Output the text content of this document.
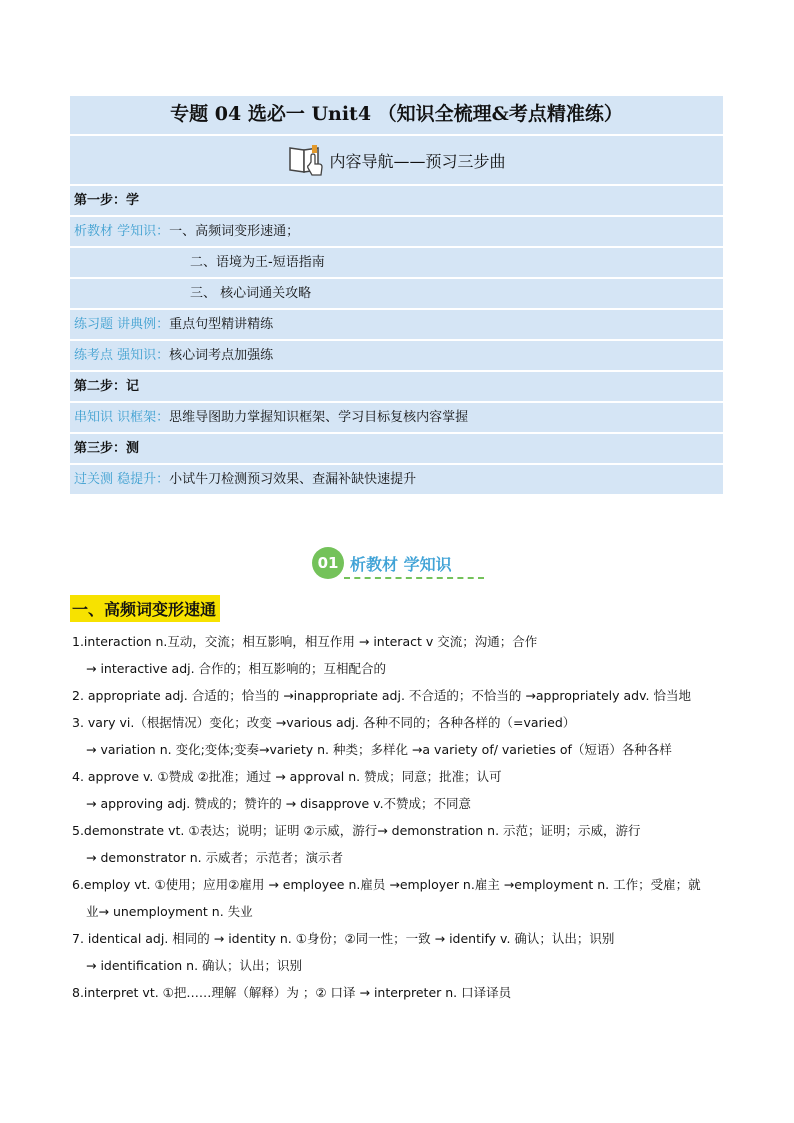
专题 04 选必一 Unit4 （知识全梳理&考点精准练）
内容导航——预习三步曲
第一步：学
析教材 学知识：一、高频词变形速通；
二、语境为王-短语指南
三、 核心词通关攻略
练习题 讲典例：重点句型精讲精练
练考点 强知识：核心词考点加强练
第二步：记
串知识 识框架：思维导图助力掌握知识框架、学习目标复核内容掌握
第三步：测
过关测 稳提升：小试牛刀检测预习效果、查漏补缺快速提升
01 析教材 学知识
一、高频词变形速通
1.interaction n.互动，交流；相互影响，相互作用 → interact v 交流；沟通；合作
→ interactive adj. 合作的；相互影响的；互相配合的
2. appropriate adj. 合适的；恰当的 →inappropriate adj. 不合适的；不恰当的 →appropriately adv. 恰当地
3. vary vi.（根据情况）变化；改变 →various adj. 各种不同的；各种各样的（=varied）
→ variation n. 变化;变体;变奏→variety n. 种类；多样化 →a variety of/ varieties of（短语）各种各样
4. approve v. ①赞成 ②批准；通过 → approval n. 赞成；同意；批准；认可
→ approving adj. 赞成的；赞许的 → disapprove v.不赞成；不同意
5.demonstrate vt. ①表达；说明；证明 ②示威，游行→ demonstration n. 示范；证明；示威，游行
→ demonstrator n. 示威者；示范者；演示者
6.employ vt. ①使用；应用②雇用 → employee n.雇员 →employer n.雇主 →employment n. 工作；受雇；就
业→ unemployment n. 失业
7. identical adj. 相同的 → identity n. ①身份；②同一性；一致 → identify v. 确认；认出；识别
→ identification n. 确认；认出；识别
8.interpret vt. ①把……理解（解释）为 ；② 口译 → interpreter n. 口译译员
